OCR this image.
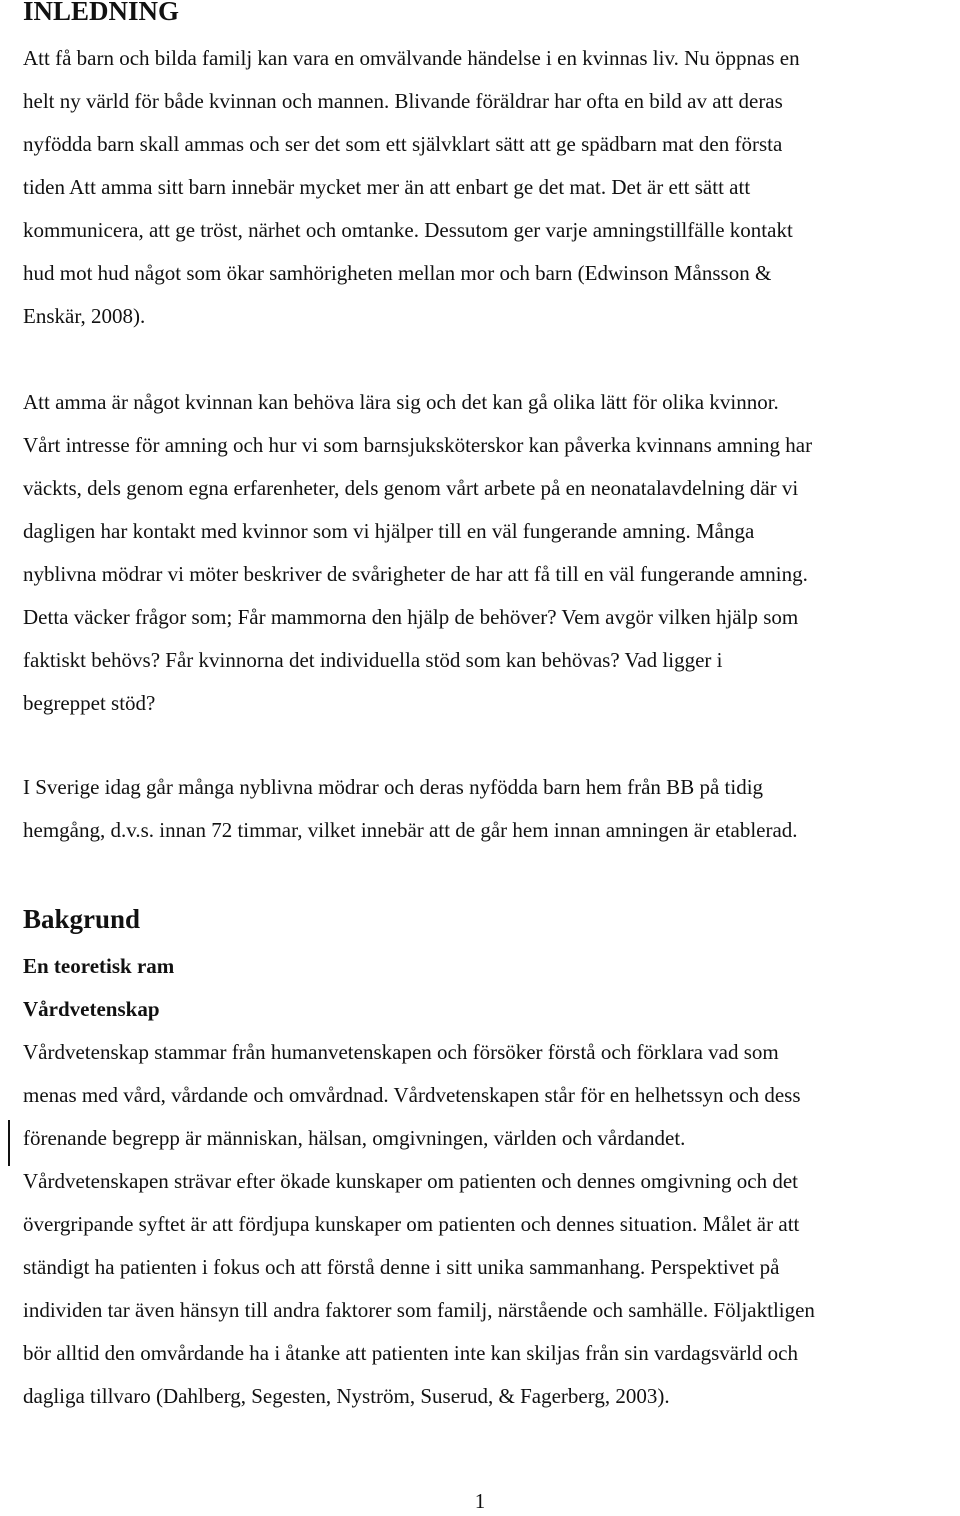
INLEDNING

Att få barn och bilda familj kan vara en omvälvande händelse i en kvinnas liv. Nu öppnas en
helt ny värld för både kvinnan och mannen. Blivande föräldrar har ofta en bild av att deras
nyfödda barn skall ammas och ser det som ett självklart sätt att ge spädbarn mat den första
tiden Att amma sitt barn innebär mycket mer än att enbart ge det mat. Det är ett sätt att
kommunicera, att ge tröst, närhet och omtanke. Dessutom ger varje amningstillfälle kontakt
hud mot hud något som ökar samhörigheten mellan mor och barn (Edwinson Månsson &
Enskär, 2008).

Att amma är något kvinnan kan behöva lära sig och det kan gå olika lätt för olika kvinnor.
Vårt intresse för amning och hur vi som barnsjuksköterskor kan påverka kvinnans amning har
väckts, dels genom egna erfarenheter, dels genom vårt arbete på en neonatalavdelning där vi
dagligen har kontakt med kvinnor som vi hjälper till en väl fungerande amning. Många
nyblivna mödrar vi möter beskriver de svårigheter de har att få till en väl fungerande amning.
Detta väcker frågor som; Får mammorna den hjälp de behöver? Vem avgör vilken hjälp som
faktiskt behövs? Får kvinnorna det individuella stöd som kan behövas? Vad ligger i
begreppet stöd?

I Sverige idag går många nyblivna mödrar och deras nyfödda barn hem från BB på tidig
hemgång, d.v.s. innan 72 timmar, vilket innebär att de går hem innan amningen är etablerad.

Bakgrund
En teoretisk ram
Vårdvetenskap

Vårdvetenskap stammar från humanvetenskapen och försöker förstå och förklara vad som
menas med vård, vårdande och omvårdnad. Vårdvetenskapen står för en helhetssyn och dess
förenande begrepp är människan, hälsan, omgivningen, världen och vårdandet.
Vårdvetenskapen strävar efter ökade kunskaper om patienten och dennes omgivning och det
övergripande syftet är att fördjupa kunskaper om patienten och dennes situation. Målet är att
ständigt ha patienten i fokus och att förstå denne i sitt unika sammanhang. Perspektivet på
individen tar även hänsyn till andra faktorer som familj, närstående och samhälle. Följaktligen
bör alltid den omvårdande ha i åtanke att patienten inte kan skiljas från sin vardagsvärld och
dagliga tillvaro (Dahlberg, Segesten, Nyström, Suserud, & Fagerberg, 2003).

1
